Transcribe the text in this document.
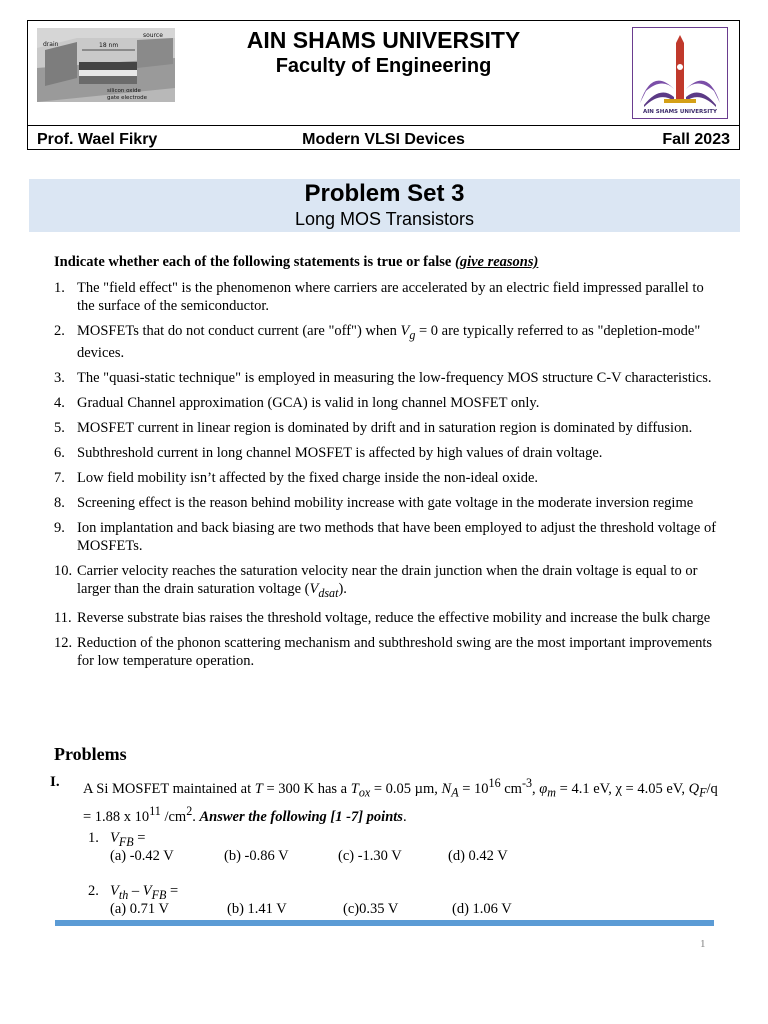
drain	18 nm
source
silicon oxide
gate electrode
AIN SHAMS UNIVERSITY
Faculty of Engineering
AIN SHAMS UNIVERSITY
Prof. Wael Fikry	Modern VLSI Devices	Fall 2023
Problem Set 3
Long MOS Transistors
Indicate whether each of the following statements is true or false (give reasons)
1. The "field effect" is the phenomenon where carriers are accelerated by an electric field impressed parallel to the surface of the semiconductor.
2. MOSFETs that do not conduct current (are "off") when $V_g = 0$ are typically referred to as "depletion-mode" devices.
3. The "quasi-static technique" is employed in measuring the low-frequency MOS structure C-V characteristics.
4. Gradual Channel approximation (GCA) is valid in long channel MOSFET only.
5. MOSFET current in linear region is dominated by drift and in saturation region is dominated by diffusion.
6. Subthreshold current in long channel MOSFET is affected by high values of drain voltage.
7. Low field mobility isn’t affected by the fixed charge inside the non-ideal oxide.
8. Screening effect is the reason behind mobility increase with gate voltage in the moderate inversion regime
9. Ion implantation and back biasing are two methods that have been employed to adjust the threshold voltage of MOSFETs.
10. Carrier velocity reaches the saturation velocity near the drain junction when the drain voltage is equal to or larger than the drain saturation voltage $(V_{dsat})$.
11. Reverse substrate bias raises the threshold voltage, reduce the effective mobility and increase the bulk charge
12. Reduction of the phonon scattering mechanism and subthreshold swing are the most important improvements for low temperature operation.
Problems
I. A Si MOSFET maintained at T = 300 K has a $T_{ox} = 0.05$ µm, $N_A = 10^{16}$ $cm^{-3}$, $\varphi_m = 4.1$ eV, χ = 4.05 eV, $Q_F/q = 1.88$ x $10^{11}$ $/cm^2$. Answer the following [1 -7] points.
1. $V_{FB}$ =
(a) -0.42 V	(b) -0.86 V	(c) -1.30 V	(d) 0.42 V
2. $V_{th} - V_{FB}$ =
(a) 0.71 V	(b) 1.41 V	(c)0.35 V	(d) 1.06 V
1
